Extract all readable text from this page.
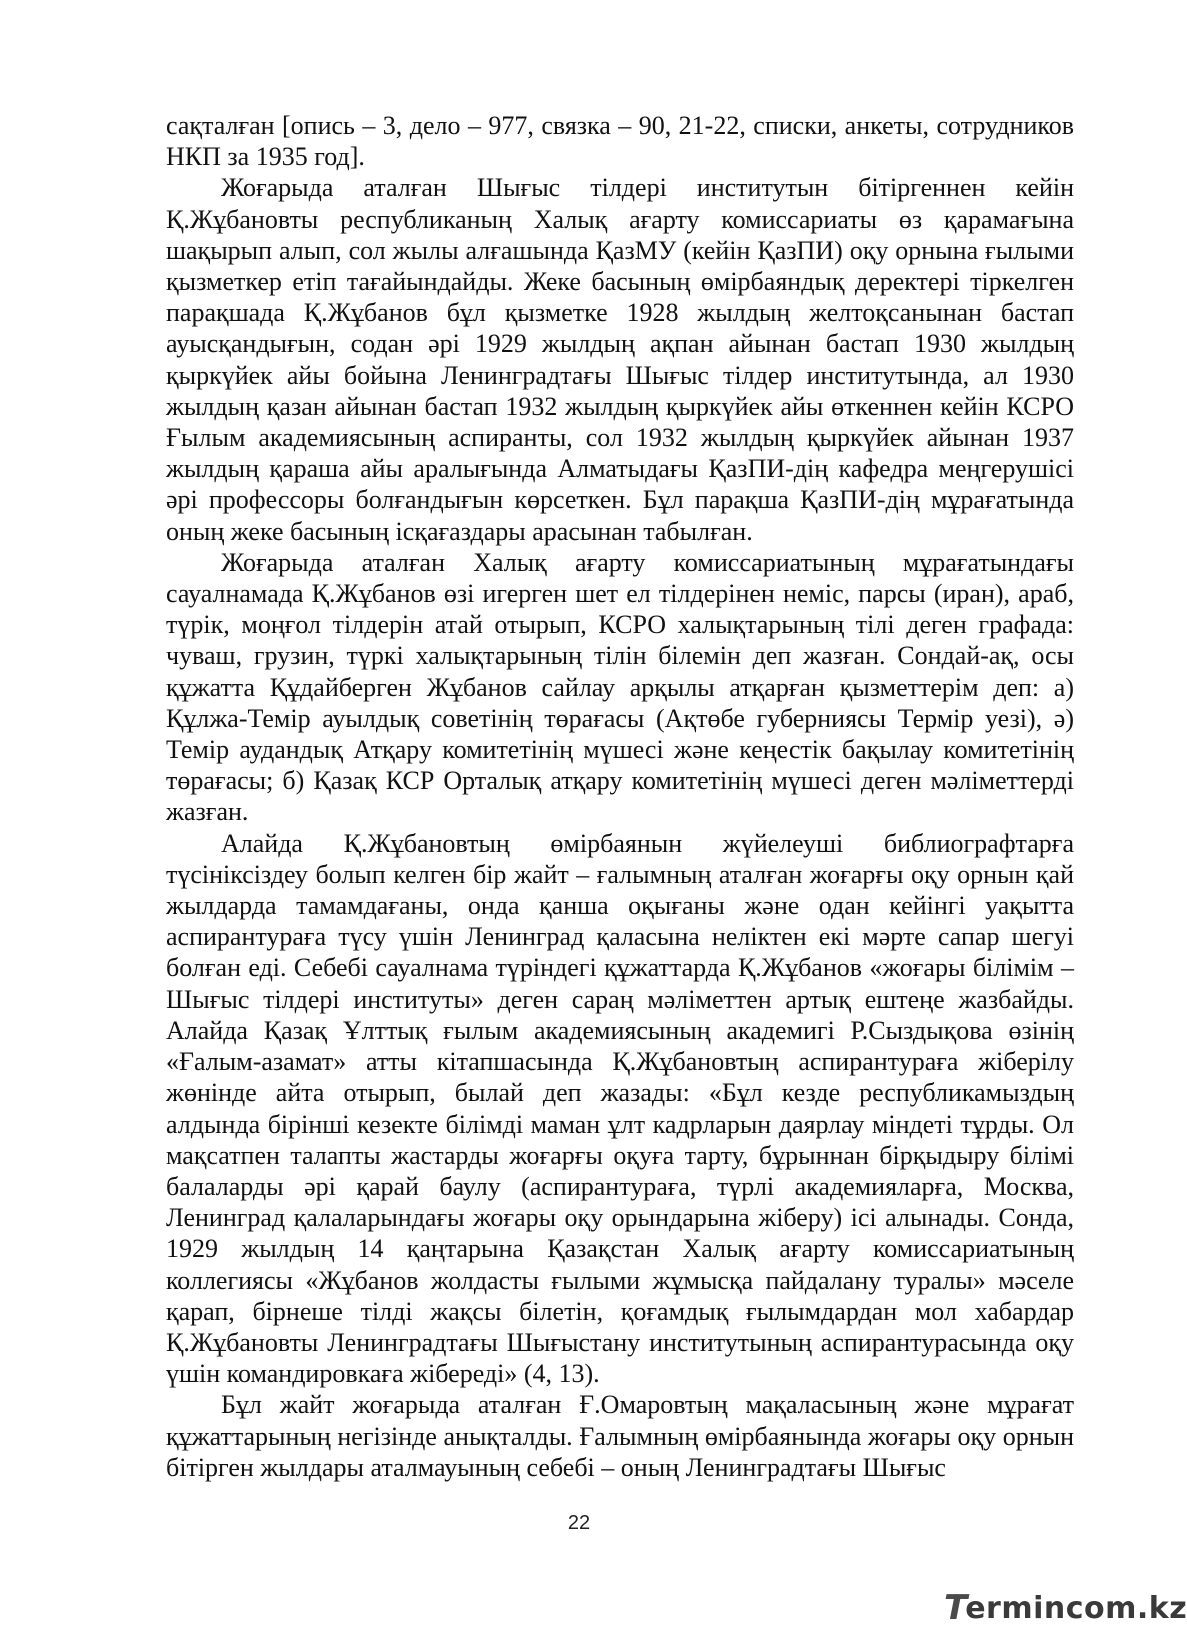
сақталған [опись – 3, дело – 977, связка – 90, 21-22, списки, анкеты, сотрудников НКП за 1935 год].

Жоғарыда аталған Шығыс тілдері институтын бітіргеннен кейін Қ.Жұбановты республиканың Халық ағарту комиссариаты өз қарамағына шақырып алып, сол жылы алғашында ҚазМУ (кейін ҚазПИ) оқу орнына ғылыми қызметкер етіп тағайындайды. Жеке басының өмірбаяндық деректері тіркелген парақшада Қ.Жұбанов бұл қызметке 1928 жылдың желтоқсанынан бастап ауысқандығын, содан әрі 1929 жылдың ақпан айынан бастап 1930 жылдың қыркүйек айы бойына Ленинградтағы Шығыс тілдер институтында, ал 1930 жылдың қазан айынан бастап 1932 жылдың қыркүйек айы өткеннен кейін КСРО Ғылым академиясының аспиранты, сол 1932 жылдың қыркүйек айынан 1937 жылдың қараша айы аралығында Алматыдағы ҚазПИ-дің кафедра меңгерушісі әрі профессоры болғандығын көрсеткен. Бұл парақша ҚазПИ-дің мұрағатында оның жеке басының ісқағаздары арасынан табылған.

Жоғарыда аталған Халық ағарту комиссариатының мұрағатындағы сауалнамада Қ.Жұбанов өзі игерген шет ел тілдерінен неміс, парсы (иран), араб, түрік, моңғол тілдерін атай отырып, КСРО халықтарының тілі деген графада: чуваш, грузин, түркі халықтарының тілін білемін деп жазған. Сондай-ақ, осы құжатта Құдайберген Жұбанов сайлау арқылы атқарған қызметтерім деп: а) Құлжа-Темір ауылдық советінің төрағасы (Ақтөбе губерниясы Термір уезі), ә) Темір аудандық Атқару комитетінің мүшесі және кеңестік бақылау комитетінің төрағасы; б) Қазақ КСР Орталық атқару комитетінің мүшесі деген мәліметтерді жазған.

Алайда Қ.Жұбановтың өмірбаянын жүйелеуші библиографтарға түсініксіздеу болып келген бір жайт – ғалымның аталған жоғарғы оқу орнын қай жылдарда тамамдағаны, онда қанша оқығаны және одан кейінгі уақытта аспирантураға түсу үшін Ленинград қаласына неліктен екі мәрте сапар шегуі болған еді. Себебі сауалнама түріндегі құжаттарда Қ.Жұбанов «жоғары білімім – Шығыс тілдері институты» деген сараң мәліметтен артық ештеңе жазбайды. Алайда Қазақ Ұлттық ғылым академиясының академигі Р.Сыздықова өзінің «Ғалым-азамат» атты кітапшасында Қ.Жұбановтың аспирантураға жіберілу жөнінде айта отырып, былай деп жазады: «Бұл кезде республикамыздың алдында бірінші кезекте білімді маман ұлт кадрларын даярлау міндеті тұрды. Ол мақсатпен талапты жастарды жоғарғы оқуға тарту, бұрыннан бірқыдыру білімі балаларды әрі қарай баулу (аспирантураға, түрлі академияларға, Москва, Ленинград қалаларындағы жоғары оқу орындарына жіберу) ісі алынады. Сонда, 1929 жылдың 14 қаңтарына Қазақстан Халық ағарту комиссариатының коллегиясы «Жұбанов жолдасты ғылыми жұмысқа пайдалану туралы» мәселе қарап, бірнеше тілді жақсы білетін, қоғамдық ғылымдардан мол хабардар Қ.Жұбановты Ленинградтағы Шығыстану институтының аспирантурасында оқу үшін командировкаға жібереді» (4, 13).

Бұл жайт жоғарыда аталған Ғ.Омаровтың мақаласының және мұрағат құжаттарының негізінде анықталды. Ғалымның өмірбаянында жоғары оқу орнын бітірген жылдары аталмауының себебі – оның Ленинградтағы Шығыс

22
T
ermincom.kz
